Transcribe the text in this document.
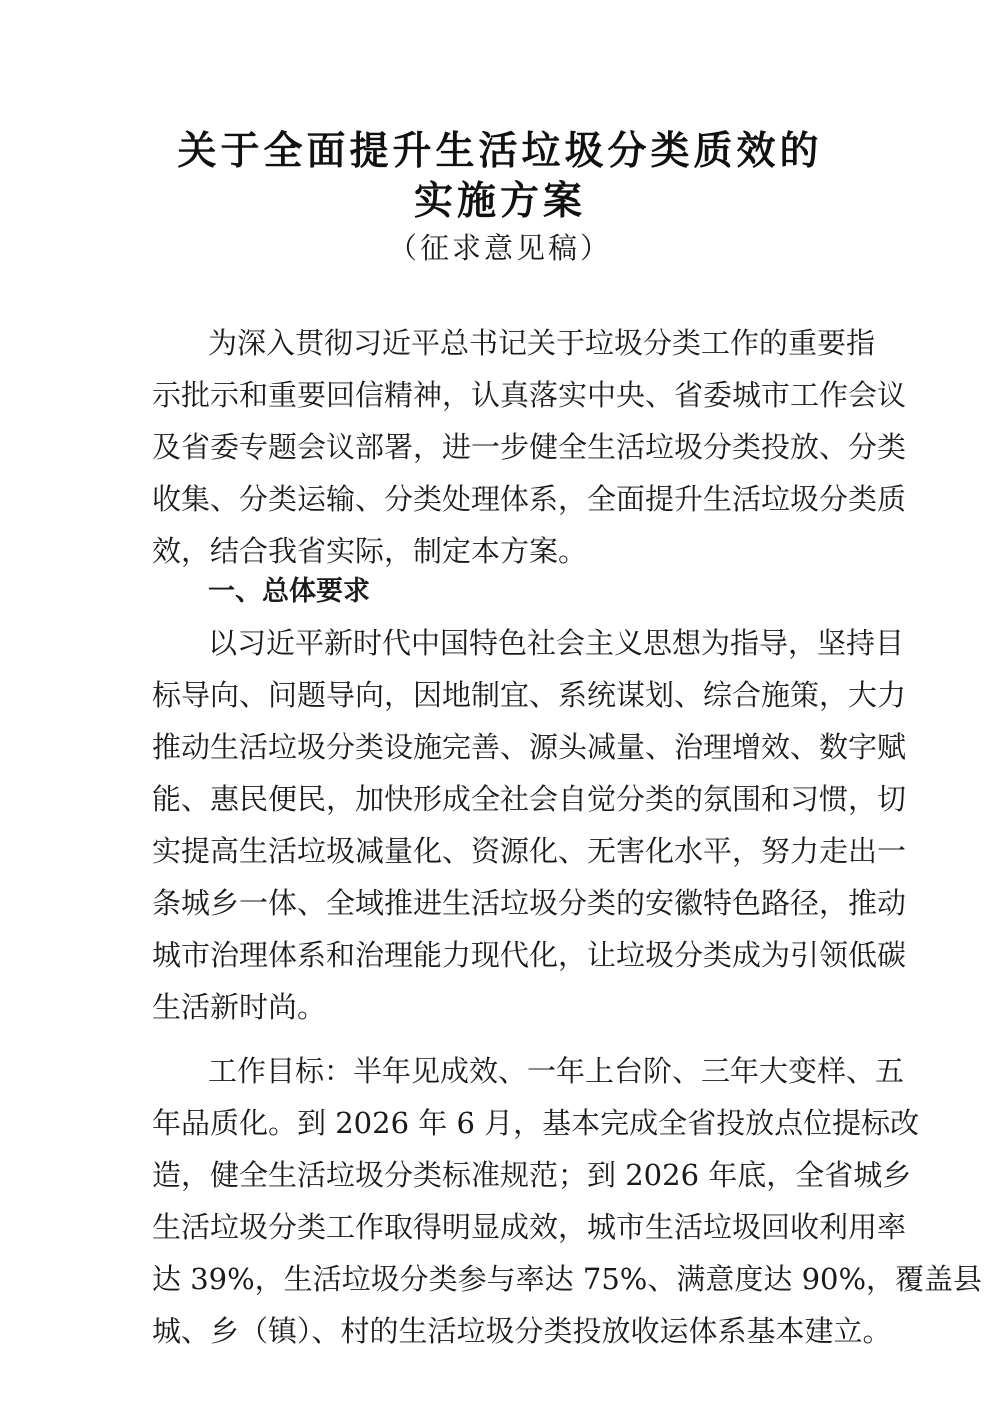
关于全面提升生活垃圾分类质效的
实施方案
（征求意见稿）
为深入贯彻习近平总书记关于垃圾分类工作的重要指
示批示和重要回信精神，认真落实中央、省委城市工作会议
及省委专题会议部署，进一步健全生活垃圾分类投放、分类
收集、分类运输、分类处理体系，全面提升生活垃圾分类质
效，结合我省实际，制定本方案。
一、总体要求
以习近平新时代中国特色社会主义思想为指导，坚持目
标导向、问题导向，因地制宜、系统谋划、综合施策，大力
推动生活垃圾分类设施完善、源头减量、治理增效、数字赋
能、惠民便民，加快形成全社会自觉分类的氛围和习惯，切
实提高生活垃圾减量化、资源化、无害化水平，努力走出一
条城乡一体、全域推进生活垃圾分类的安徽特色路径，推动
城市治理体系和治理能力现代化，让垃圾分类成为引领低碳
生活新时尚。
工作目标：半年见成效、一年上台阶、三年大变样、五
年品质化。到 2026 年 6 月，基本完成全省投放点位提标改
造，健全生活垃圾分类标准规范；到 2026 年底，全省城乡
生活垃圾分类工作取得明显成效，城市生活垃圾回收利用率
达 39%，生活垃圾分类参与率达 75%、满意度达 90%，覆盖县
城、乡（镇）、村的生活垃圾分类投放收运体系基本建立。
